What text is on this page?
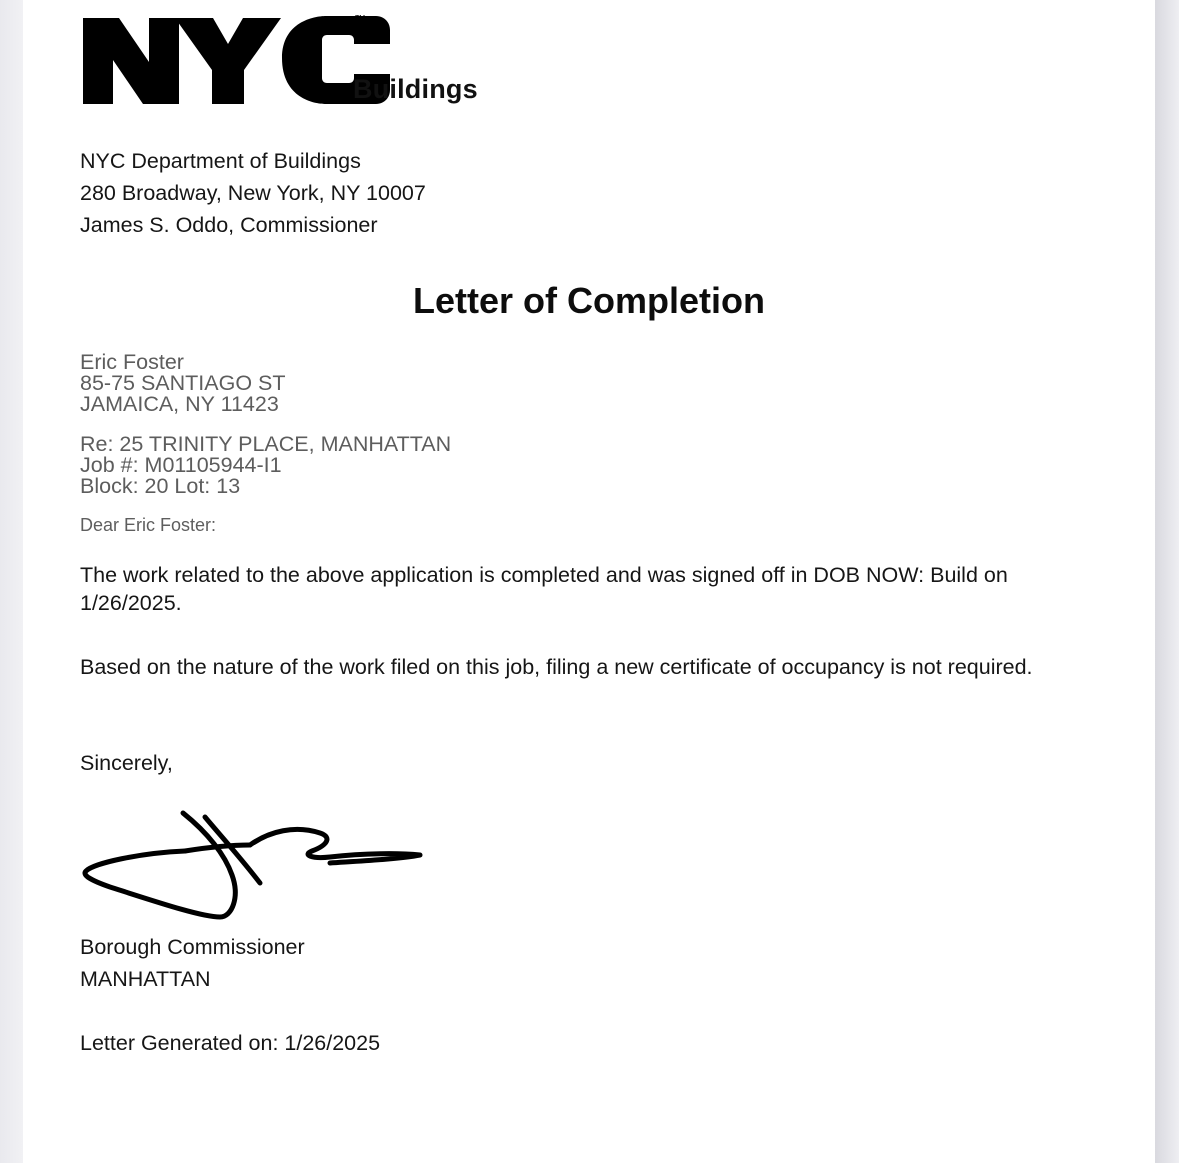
TM
Buildings
NYC Department of Buildings
280 Broadway, New York, NY 10007
James S. Oddo, Commissioner
Letter of Completion
Eric Foster
85-75 SANTIAGO ST
JAMAICA, NY 11423
Re: 25 TRINITY PLACE, MANHATTAN
Job #: M01105944-I1
Block: 20 Lot: 13
Dear Eric Foster:
The work related to the above application is completed and was signed off in DOB NOW: Build on 1/26/2025.
Based on the nature of the work filed on this job, filing a new certificate of occupancy is not required.
Sincerely,
Borough Commissioner
MANHATTAN
Letter Generated on: 1/26/2025
